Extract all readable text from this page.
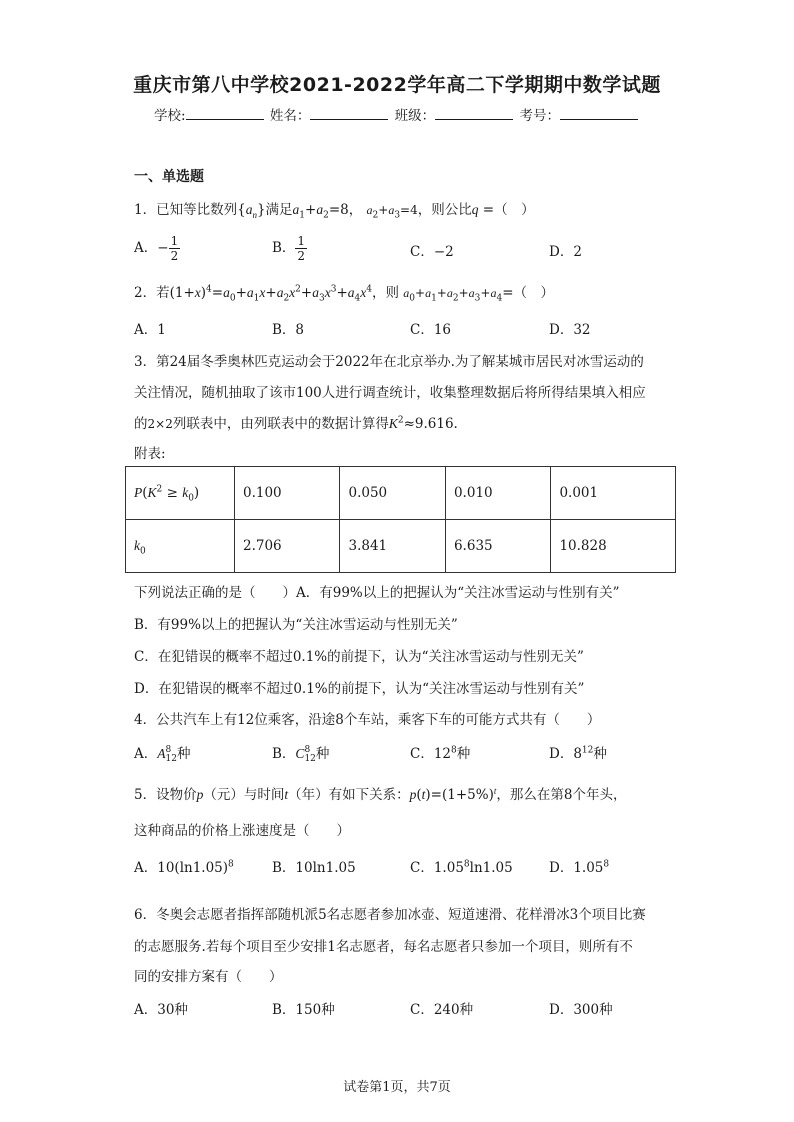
重庆市第八中学校2021-2022学年高二下学期期中数学试题
学校:	姓名：	班级：	考号：
一、单选题
1．已知等比数列$\{a_n\}$满足$a_1+a_2=8$， $a_2+a_3=4$，则公比q =（　）
A．− $\frac{1}{2}$	B． $\frac{1}{2}$	C．−2	D．2
2．若$(1+x)^4=a_0+a_1x+a_2x^2+a_3x^3+a_4x^4$，则 $a_0+a_1+a_2+a_3+a_4=$（　）
A．1	B．8	C．16	D．32
3．第24届冬季奥林匹克运动会于2022年在北京举办.为了解某城市居民对冰雪运动的
关注情况，随机抽取了该市100人进行调查统计，收集整理数据后将所得结果填入相应
的2×2列联表中，由列联表中的数据计算得$K^2\approx 9.616$.
附表:
$P(K^2 \ge k_0)$	0.100	0.050	0.010	0.001
$k_0$	2.706	3.841	6.635	10.828
下列说法正确的是（　　）A．有99%以上的把握认为“关注冰雪运动与性别有关”
B．有99%以上的把握认为“关注冰雪运动与性别无关”
C．在犯错误的概率不超过0.1%的前提下，认为“关注冰雪运动与性别无关”
D．在犯错误的概率不超过0.1%的前提下，认为“关注冰雪运动与性别有关”
4．公共汽车上有12位乘客，沿途8个车站，乘客下车的可能方式共有（　　）
A．A 8
12 种	B．C 8
12 种	C．$12^8$种	D．$8^{12}$种
5．设物价p（元）与时间t（年）有如下关系：$p(t)=(1+5\%)^t$，那么在第8个年头，
这种商品的价格上涨速度是（　　）
A．$10(\ln 1.05)^8$	B．10ln1.05	C．1.05$^8$ln1.05	D．1.05$^8$
6．冬奥会志愿者指挥部随机派5名志愿者参加冰壶、短道速滑、花样滑冰3个项目比赛
的志愿服务.若每个项目至少安排1名志愿者，每名志愿者只参加一个项目，则所有不
同的安排方案有（　　）
A．30种	B．150种	C．240种	D．300种
试卷第1页，共7页
